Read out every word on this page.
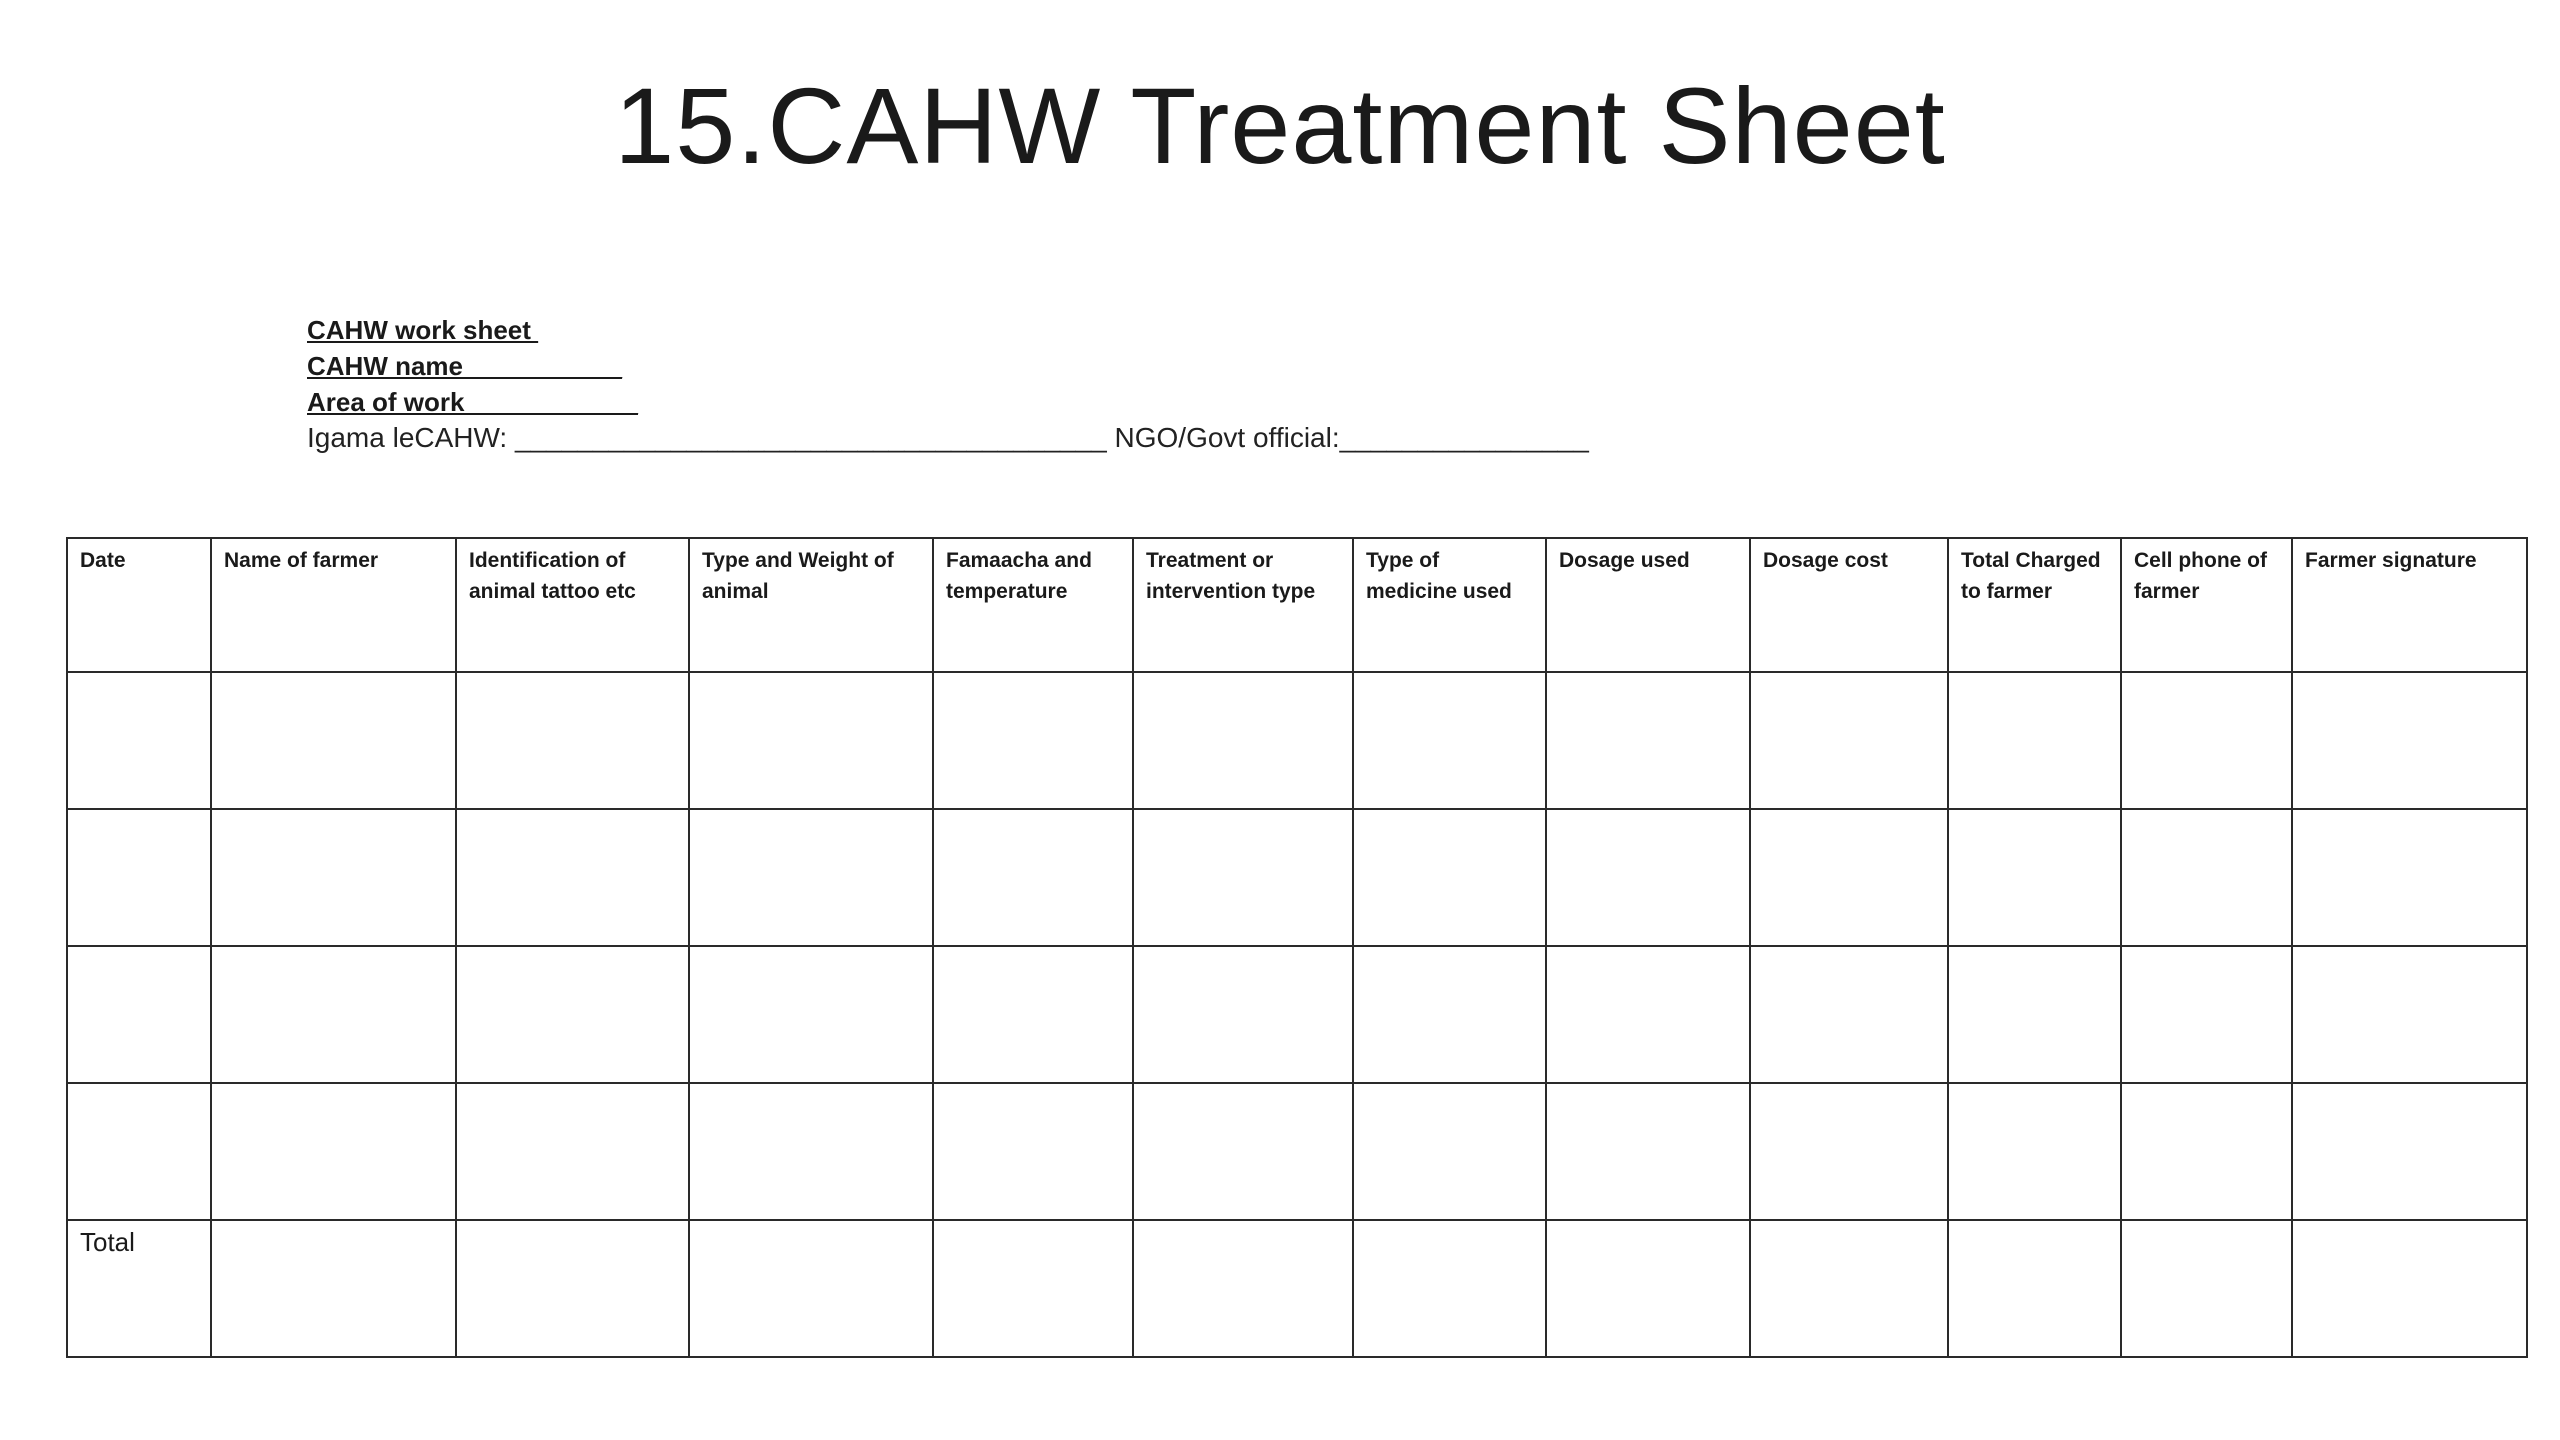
15.CAHW Treatment Sheet
CAHW work sheet
CAHW name___________
Area of work____________
Igama leCAHW: ______________________________________ NGO/Govt official:________________
Date	Name of farmer	Identification of animal tattoo etc	Type and Weight of animal	Famaacha and temperature	Treatment or intervention type	Type of medicine used	Dosage used	Dosage cost	Total Charged to farmer	Cell phone of farmer	Farmer signature

Total											
